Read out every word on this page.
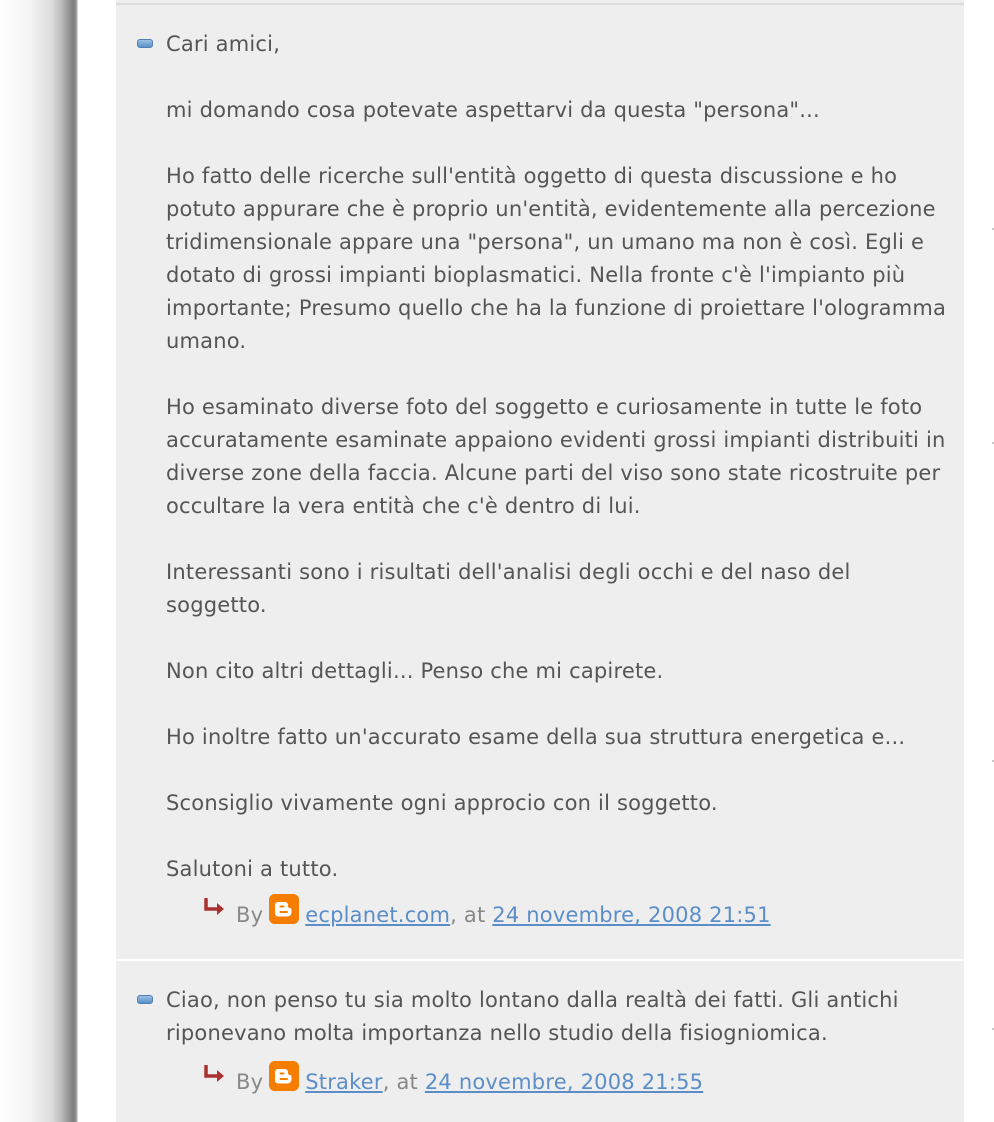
Cari amici,

mi domando cosa potevate aspettarvi da questa "persona"...

Ho fatto delle ricerche sull'entità oggetto di questa discussione e ho potuto appurare che è proprio un'entità, evidentemente alla percezione tridimensionale appare una "persona", un umano ma non è così. Egli e dotato di grossi impianti bioplasmatici. Nella fronte c'è l'impianto più importante; Presumo quello che ha la funzione di proiettare l'ologramma umano.

Ho esaminato diverse foto del soggetto e curiosamente in tutte le foto accuratamente esaminate appaiono evidenti grossi impianti distribuiti in diverse zone della faccia. Alcune parti del viso sono state ricostruite per occultare la vera entità che c'è dentro di lui.

Interessanti sono i risultati dell'analisi degli occhi e del naso del soggetto.

Non cito altri dettagli... Penso che mi capirete.

Ho inoltre fatto un'accurato esame della sua struttura energetica e...

Sconsiglio vivamente ogni approcio con il soggetto.

Salutoni a tutto.

By ecplanet.com, at 24 novembre, 2008 21:51

Ciao, non penso tu sia molto lontano dalla realtà dei fatti. Gli antichi riponevano molta importanza nello studio della fisiogniomica.

By Straker, at 24 novembre, 2008 21:55
